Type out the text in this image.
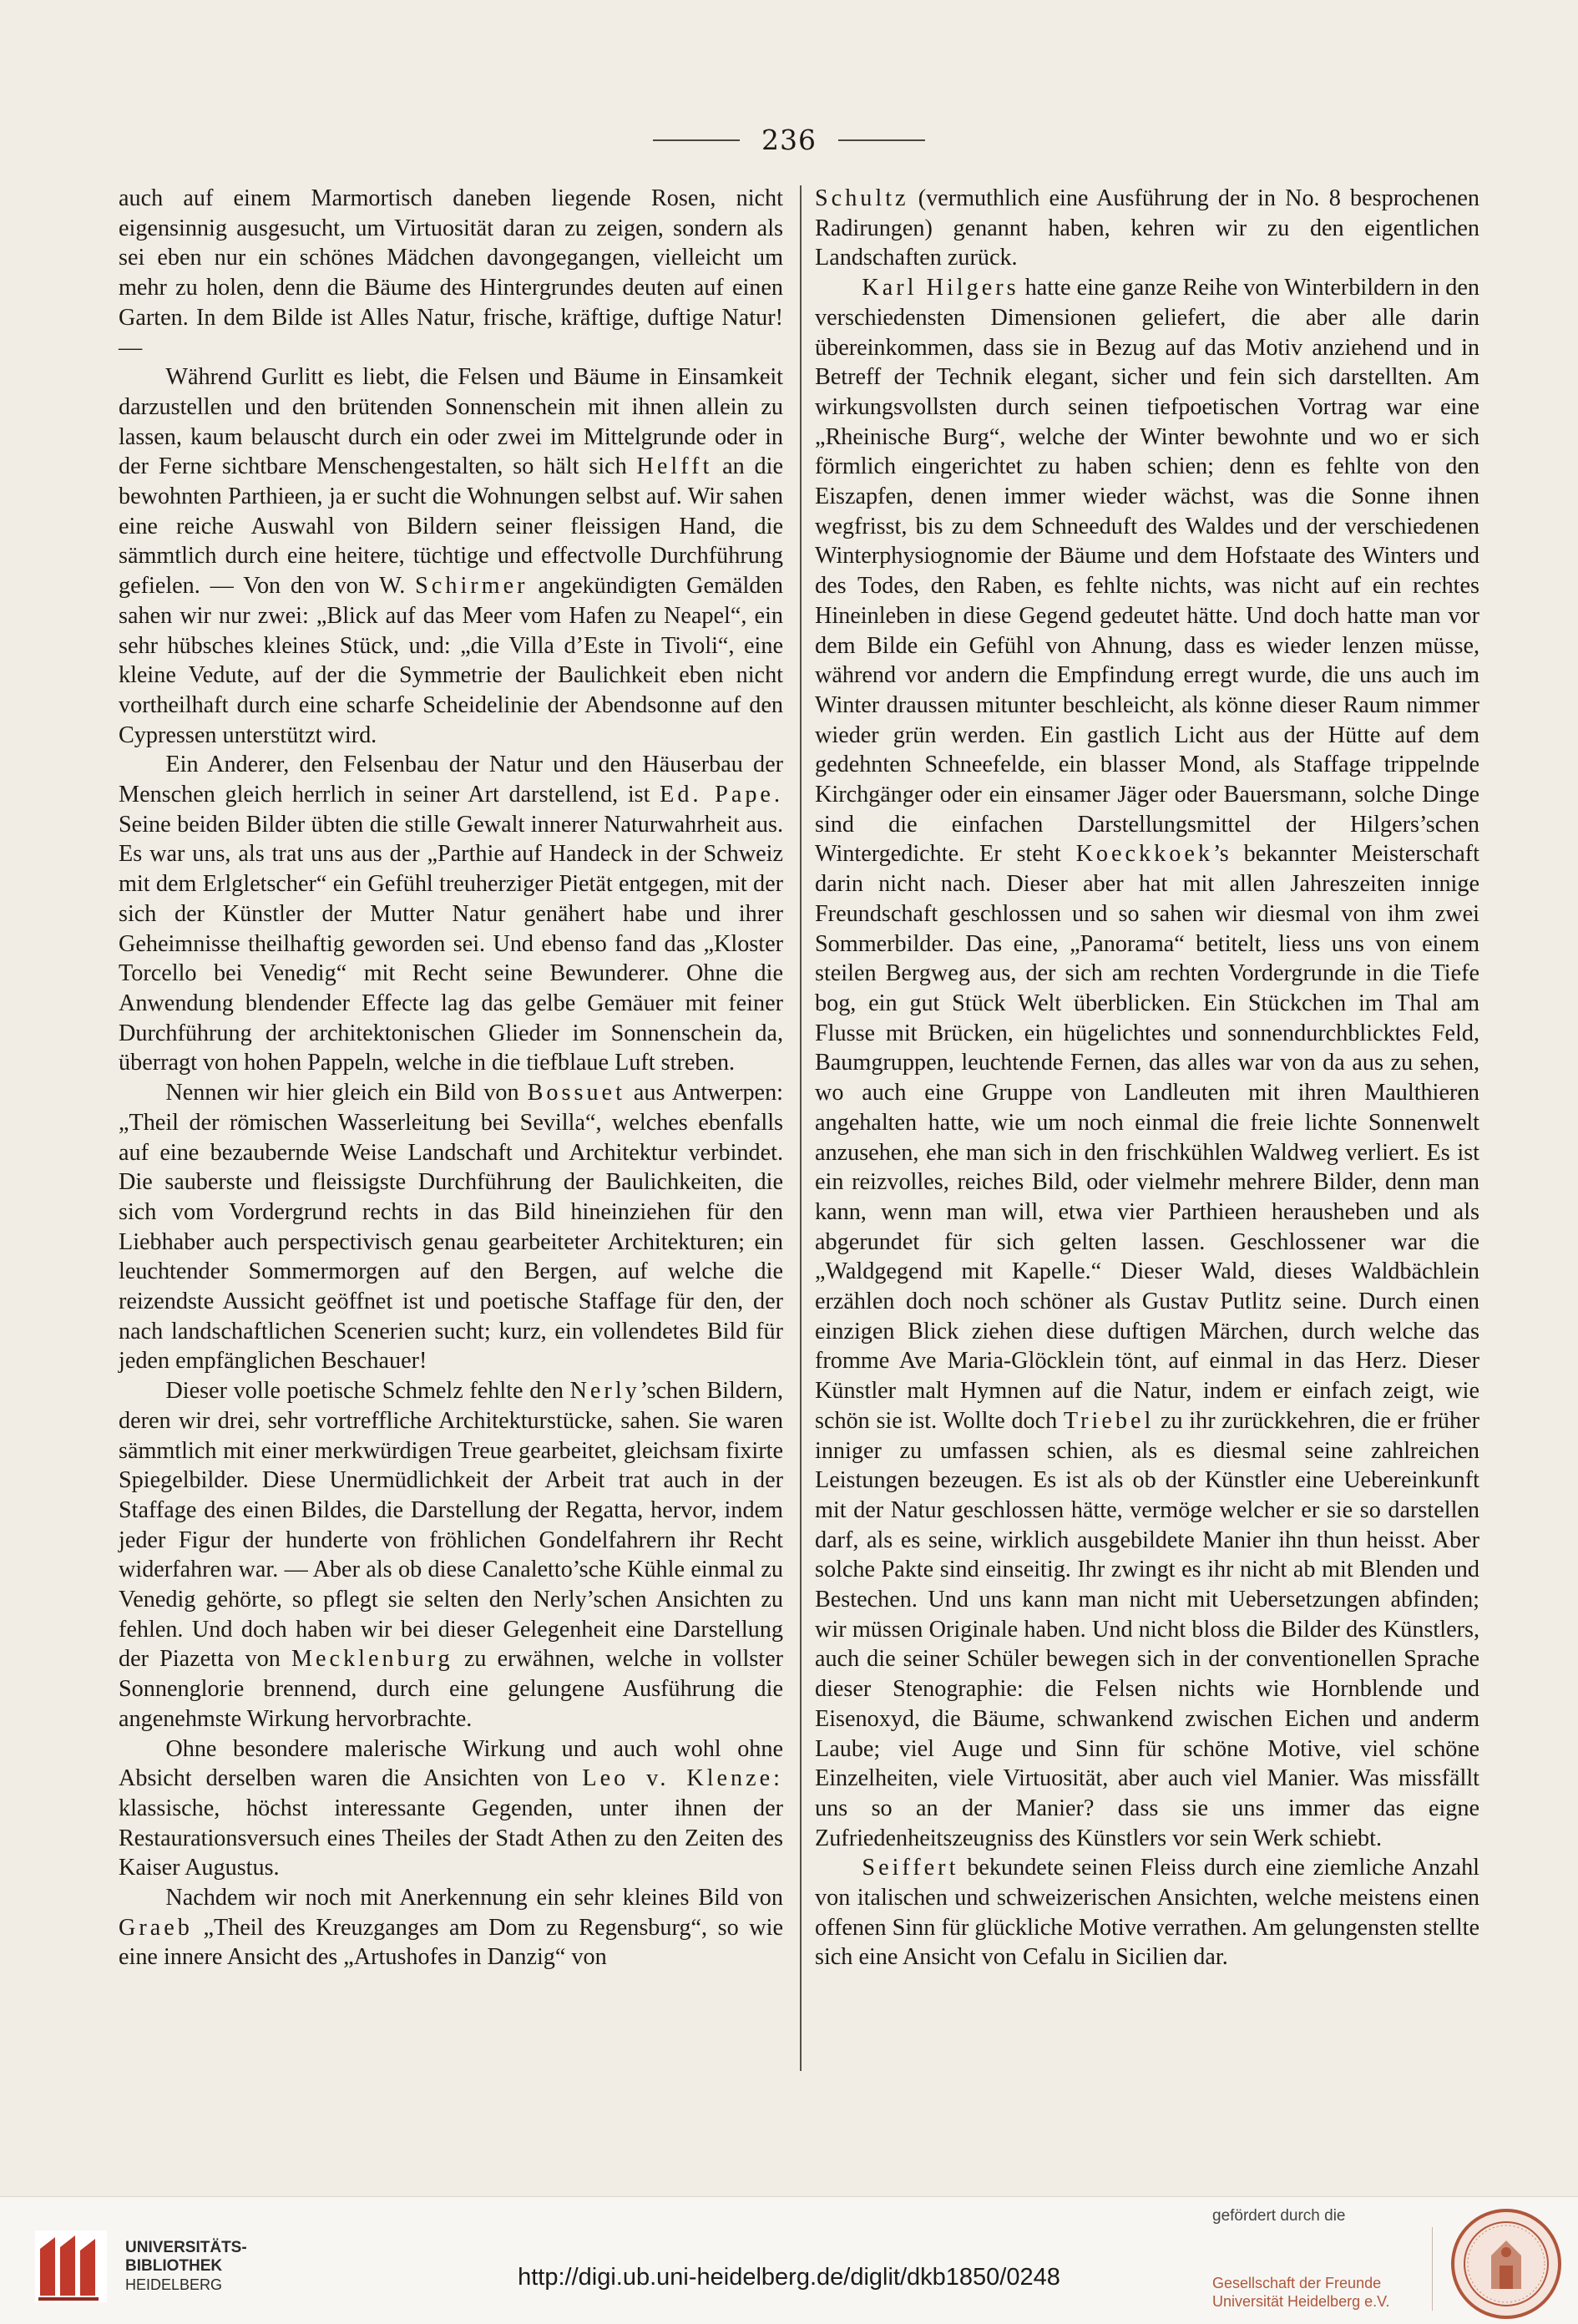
236

auch auf einem Marmortisch daneben liegende Rosen, nicht eigensinnig ausgesucht, um Virtuosität daran zu zeigen, sondern als sei eben nur ein schönes Mädchen davongegangen, vielleicht um mehr zu holen, denn die Bäume des Hintergrundes deuten auf einen Garten. In dem Bilde ist Alles Natur, frische, kräftige, duftige Natur! —

Während Gurlitt es liebt, die Felsen und Bäume in Einsamkeit darzustellen und den brütenden Sonnenschein mit ihnen allein zu lassen, kaum belauscht durch ein oder zwei im Mittelgrunde oder in der Ferne sichtbare Menschengestalten, so hält sich Helfft an die bewohnten Parthieen, ja er sucht die Wohnungen selbst auf. Wir sahen eine reiche Auswahl von Bildern seiner fleissigen Hand, die sämmtlich durch eine heitere, tüchtige und effectvolle Durchführung gefielen. — Von den von W. Schirmer angekündigten Gemälden sahen wir nur zwei: „Blick auf das Meer vom Hafen zu Neapel“, ein sehr hübsches kleines Stück, und: „die Villa d’Este in Tivoli“, eine kleine Vedute, auf der die Symmetrie der Baulichkeit eben nicht vortheilhaft durch eine scharfe Scheidelinie der Abendsonne auf den Cypressen unterstützt wird.

Ein Anderer, den Felsenbau der Natur und den Häuserbau der Menschen gleich herrlich in seiner Art darstellend, ist Ed. Pape. Seine beiden Bilder übten die stille Gewalt innerer Naturwahrheit aus. Es war uns, als trat uns aus der „Parthie auf Handeck in der Schweiz mit dem Erlgletscher“ ein Gefühl treuherziger Pietät entgegen, mit der sich der Künstler der Mutter Natur genähert habe und ihrer Geheimnisse theilhaftig geworden sei. Und ebenso fand das „Kloster Torcello bei Venedig“ mit Recht seine Bewunderer. Ohne die Anwendung blendender Effecte lag das gelbe Gemäuer mit feiner Durchführung der architektonischen Glieder im Sonnenschein da, überragt von hohen Pappeln, welche in die tiefblaue Luft streben.

Nennen wir hier gleich ein Bild von Bossuet aus Antwerpen: „Theil der römischen Wasserleitung bei Sevilla“, welches ebenfalls auf eine bezaubernde Weise Landschaft und Architektur verbindet. Die sauberste und fleissigste Durchführung der Baulichkeiten, die sich vom Vordergrund rechts in das Bild hineinziehen für den Liebhaber auch perspectivisch genau gearbeiteter Architekturen; ein leuchtender Sommermorgen auf den Bergen, auf welche die reizendste Aussicht geöffnet ist und poetische Staffage für den, der nach landschaftlichen Scenerien sucht; kurz, ein vollendetes Bild für jeden empfänglichen Beschauer!

Dieser volle poetische Schmelz fehlte den Nerly’schen Bildern, deren wir drei, sehr vortreffliche Architekturstücke, sahen. Sie waren sämmtlich mit einer merkwürdigen Treue gearbeitet, gleichsam fixirte Spiegelbilder. Diese Unermüdlichkeit der Arbeit trat auch in der Staffage des einen Bildes, die Darstellung der Regatta, hervor, indem jeder Figur der hunderte von fröhlichen Gondelfahrern ihr Recht widerfahren war. — Aber als ob diese Canaletto’sche Kühle einmal zu Venedig gehörte, so pflegt sie selten den Nerly’schen Ansichten zu fehlen. Und doch haben wir bei dieser Gelegenheit eine Darstellung der Piazetta von Mecklenburg zu erwähnen, welche in vollster Sonnenglorie brennend, durch eine gelungene Ausführung die angenehmste Wirkung hervorbrachte.

Ohne besondere malerische Wirkung und auch wohl ohne Absicht derselben waren die Ansichten von Leo v. Klenze: klassische, höchst interessante Gegenden, unter ihnen der Restaurationsversuch eines Theiles der Stadt Athen zu den Zeiten des Kaiser Augustus.

Nachdem wir noch mit Anerkennung ein sehr kleines Bild von Graeb „Theil des Kreuzganges am Dom zu Regensburg“, so wie eine innere Ansicht des „Artushofes in Danzig“ von

Schultz (vermuthlich eine Ausführung der in No. 8 besprochenen Radirungen) genannt haben, kehren wir zu den eigentlichen Landschaften zurück.

Karl Hilgers hatte eine ganze Reihe von Winterbildern in den verschiedensten Dimensionen geliefert, die aber alle darin übereinkommen, dass sie in Bezug auf das Motiv anziehend und in Betreff der Technik elegant, sicher und fein sich darstellten. Am wirkungsvollsten durch seinen tiefpoetischen Vortrag war eine „Rheinische Burg“, welche der Winter bewohnte und wo er sich förmlich eingerichtet zu haben schien; denn es fehlte von den Eiszapfen, denen immer wieder wächst, was die Sonne ihnen wegfrisst, bis zu dem Schneeduft des Waldes und der verschiedenen Winterphysiognomie der Bäume und dem Hofstaate des Winters und des Todes, den Raben, es fehlte nichts, was nicht auf ein rechtes Hineinleben in diese Gegend gedeutet hätte. Und doch hatte man vor dem Bilde ein Gefühl von Ahnung, dass es wieder lenzen müsse, während vor andern die Empfindung erregt wurde, die uns auch im Winter draussen mitunter beschleicht, als könne dieser Raum nimmer wieder grün werden. Ein gastlich Licht aus der Hütte auf dem gedehnten Schneefelde, ein blasser Mond, als Staffage trippelnde Kirchgänger oder ein einsamer Jäger oder Bauersmann, solche Dinge sind die einfachen Darstellungsmittel der Hilgers’schen Wintergedichte. Er steht Koeckkoek’s bekannter Meisterschaft darin nicht nach. Dieser aber hat mit allen Jahreszeiten innige Freundschaft geschlossen und so sahen wir diesmal von ihm zwei Sommerbilder. Das eine, „Panorama“ betitelt, liess uns von einem steilen Bergweg aus, der sich am rechten Vordergrunde in die Tiefe bog, ein gut Stück Welt überblicken. Ein Stückchen im Thal am Flusse mit Brücken, ein hügelichtes und sonnendurchblicktes Feld, Baumgruppen, leuchtende Fernen, das alles war von da aus zu sehen, wo auch eine Gruppe von Landleuten mit ihren Maulthieren angehalten hatte, wie um noch einmal die freie lichte Sonnenwelt anzusehen, ehe man sich in den frischkühlen Waldweg verliert. Es ist ein reizvolles, reiches Bild, oder vielmehr mehrere Bilder, denn man kann, wenn man will, etwa vier Parthieen herausheben und als abgerundet für sich gelten lassen. Geschlossener war die „Waldgegend mit Kapelle.“ Dieser Wald, dieses Waldbächlein erzählen doch noch schöner als Gustav Putlitz seine. Durch einen einzigen Blick ziehen diese duftigen Märchen, durch welche das fromme Ave Maria-Glöcklein tönt, auf einmal in das Herz. Dieser Künstler malt Hymnen auf die Natur, indem er einfach zeigt, wie schön sie ist. Wollte doch Triebel zu ihr zurückkehren, die er früher inniger zu umfassen schien, als es diesmal seine zahlreichen Leistungen bezeugen. Es ist als ob der Künstler eine Uebereinkunft mit der Natur geschlossen hätte, vermöge welcher er sie so darstellen darf, als es seine, wirklich ausgebildete Manier ihn thun heisst. Aber solche Pakte sind einseitig. Ihr zwingt es ihr nicht ab mit Blenden und Bestechen. Und uns kann man nicht mit Uebersetzungen abfinden; wir müssen Originale haben. Und nicht bloss die Bilder des Künstlers, auch die seiner Schüler bewegen sich in der conventionellen Sprache dieser Stenographie: die Felsen nichts wie Hornblende und Eisenoxyd, die Bäume, schwankend zwischen Eichen und anderm Laube; viel Auge und Sinn für schöne Motive, viel schöne Einzelheiten, viele Virtuosität, aber auch viel Manier. Was missfällt uns so an der Manier? dass sie uns immer das eigne Zufriedenheitszeugniss des Künstlers vor sein Werk schiebt.

Seiffert bekundete seinen Fleiss durch eine ziemliche Anzahl von italischen und schweizerischen Ansichten, welche meistens einen offenen Sinn für glückliche Motive verrathen. Am gelungensten stellte sich eine Ansicht von Cefalu in Sicilien dar.

UNIVERSITÄTS-
BIBLIOTHEK
HEIDELBERG	http://digi.ub.uni-heidelberg.de/diglit/dkb1850/0248
gefördert durch die
Gesellschaft der Freunde
Universität Heidelberg e.V.
